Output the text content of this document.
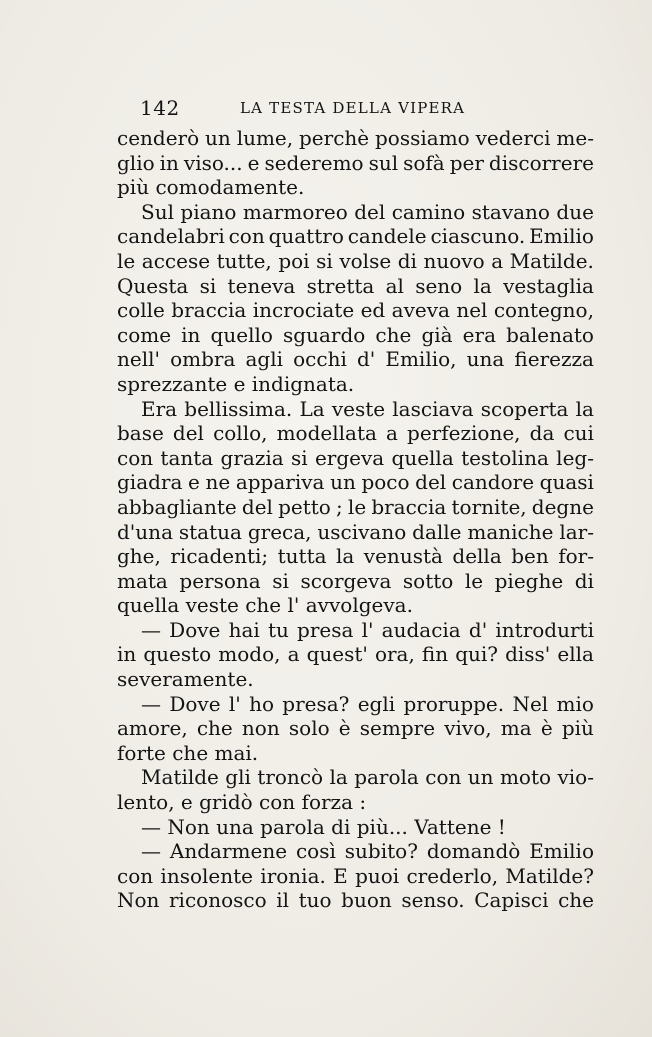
142	LA TESTA DELLA VIPERA
cenderò un lume, perchè possiamo vederci me-
glio in viso... e sederemo sul sofà per discorrere
più comodamente.
Sul piano marmoreo del camino stavano due
candelabri con quattro candele ciascuno. Emilio
le accese tutte, poi si volse di nuovo a Matilde.
Questa si teneva stretta al seno la vestaglia
colle braccia incrociate ed aveva nel contegno,
come in quello sguardo che già era balenato
nell' ombra agli occhi d' Emilio, una fierezza
sprezzante e indignata.
Era bellissima. La veste lasciava scoperta la
base del collo, modellata a perfezione, da cui
con tanta grazia si ergeva quella testolina leg-
giadra e ne appariva un poco del candore quasi
abbagliante del petto ; le braccia tornite, degne
d'una statua greca, uscivano dalle maniche lar-
ghe, ricadenti; tutta la venustà della ben for-
mata persona si scorgeva sotto le pieghe di
quella veste che l' avvolgeva.
— Dove hai tu presa l' audacia d' introdurti
in questo modo, a quest' ora, fin qui? diss' ella
severamente.
— Dove l' ho presa? egli proruppe. Nel mio
amore, che non solo è sempre vivo, ma è più
forte che mai.
Matilde gli troncò la parola con un moto vio-
lento, e gridò con forza :
— Non una parola di più... Vattene !
— Andarmene così subito? domandò Emilio
con insolente ironia. E puoi crederlo, Matilde?
Non riconosco il tuo buon senso. Capisci che
